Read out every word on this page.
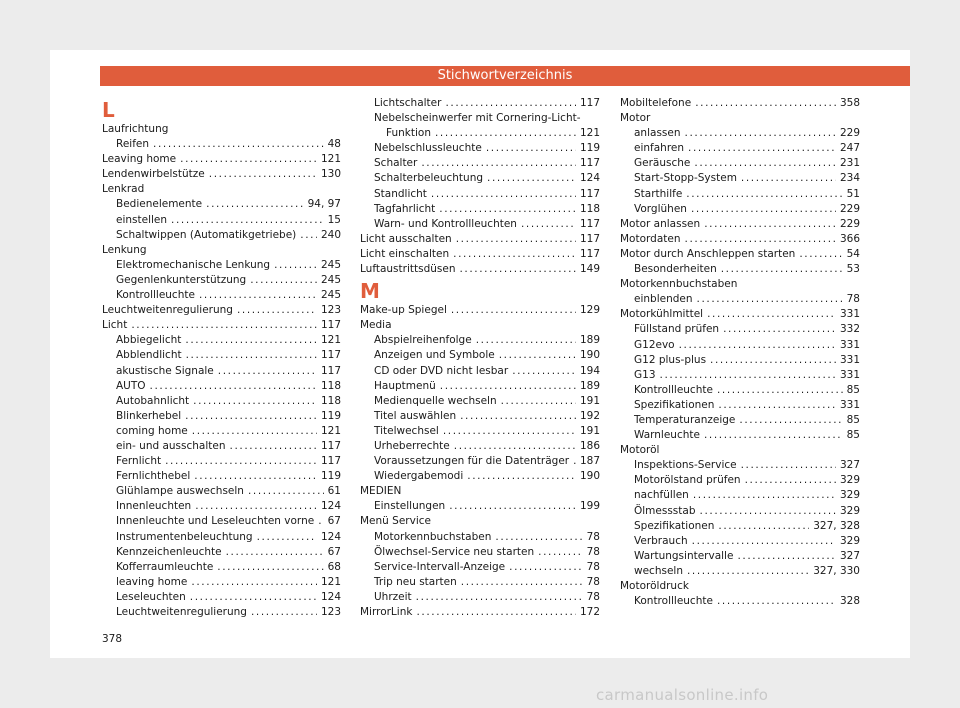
Stichwortverzeichnis
L
Laufrichtung
Reifen .....	48
Leaving home .....	121
Lendenwirbelstütze .....	130
Lenkrad
Bedienelemente .....	94, 97
einstellen .....	15
Schaltwippen (Automatikgetriebe) ..... 240
Lenkung
Elektromechanische Lenkung .....	245
Gegenlenkunterstützung .....	245
Kontrollleuchte .....	245
Leuchtweitenregulierung .....	123
Licht .....	117
Abbiegelicht .....	121
Abblendlicht .....	117
akustische Signale .....	117
AUTO .....	118
Autobahnlicht .....	118
Blinkerhebel .....	119
coming home .....	121
ein- und ausschalten .....	117
Fernlicht .....	117
Fernlichthebel .....	119
Glühlampe auswechseln .....	61
Innenleuchten .....	124
Innenleuchte und Leseleuchten vorne ..... 67
Instrumentenbeleuchtung .....	124
Kennzeichenleuchte .....	67
Kofferraumleuchte .....	68
leaving home .....	121
Leseleuchten .....	124
Leuchtweitenregulierung .....	123
Lichtschalter .....	117
Nebelscheinwerfer mit Cornering-Licht-
Funktion .....	121
Nebelschlussleuchte .....	119
Schalter .....	117
Schalterbeleuchtung .....	124
Standlicht .....	117
Tagfahrlicht .....	118
Warn- und Kontrollleuchten .....	117
Licht ausschalten .....	117
Licht einschalten .....	117
Luftaustrittsdüsen .....	149
M
Make-up Spiegel .....	129
Media
Abspielreihenfolge .....	189
Anzeigen und Symbole .....	190
CD oder DVD nicht lesbar .....	194
Hauptmenü .....	189
Medienquelle wechseln .....	191
Titel auswählen .....	192
Titelwechsel .....	191
Urheberrechte .....	186
Voraussetzungen für die Datenträger ..... 187
Wiedergabemodi .....	190
MEDIEN
Einstellungen .....	199
Menü Service
Motorkennbuchstaben .....	78
Ölwechsel-Service neu starten .....	78
Service-Intervall-Anzeige .....	78
Trip neu starten .....	78
Uhrzeit .....	78
MirrorLink .....	172
Mobiltelefone .....	358
Motor
anlassen .....	229
einfahren .....	247
Geräusche .....	231
Start-Stopp-System .....	234
Starthilfe .....	51
Vorglühen .....	229
Motor anlassen .....	229
Motordaten .....	366
Motor durch Anschleppen starten .....	54
Besonderheiten .....	53
Motorkennbuchstaben
einblenden .....	78
Motorkühlmittel .....	331
Füllstand prüfen .....	332
G12evo .....	331
G12 plus-plus .....	331
G13 .....	331
Kontrollleuchte .....	85
Spezifikationen .....	331
Temperaturanzeige .....	85
Warnleuchte .....	85
Motoröl
Inspektions-Service .....	327
Motorölstand prüfen .....	329
nachfüllen .....	329
Ölmessstab .....	329
Spezifikationen .....	327, 328
Verbrauch .....	329
Wartungsintervalle .....	327
wechseln .....	327, 330
Motoröldruck
Kontrollleuchte .....	328
378
carmanualsonline.info
